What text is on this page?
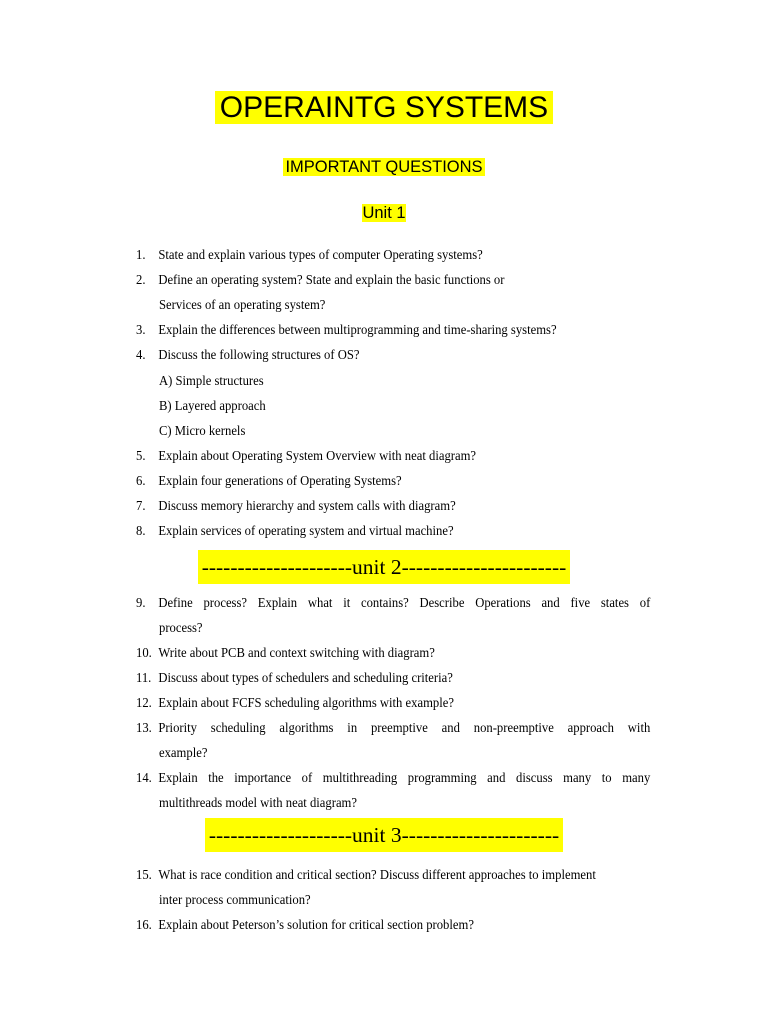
OPERAINTG SYSTEMS
IMPORTANT QUESTIONS
Unit 1
1. State and explain various types of computer Operating systems?
2. Define an operating system? State and explain the basic functions or
Services of an operating system?
3. Explain the differences between multiprogramming and time-sharing systems?
4. Discuss the following structures of OS?
A) Simple structures
B) Layered approach
C) Micro kernels
5. Explain about Operating System Overview with neat diagram?
6. Explain four generations of Operating Systems?
7. Discuss memory hierarchy and system calls with diagram?
8. Explain services of operating system and virtual machine?
---------------------unit 2-----------------------
9. Define process? Explain what it contains? Describe Operations and five states of
process?
10. Write about PCB and context switching with diagram?
11. Discuss about types of schedulers and scheduling criteria?
12. Explain about FCFS scheduling algorithms with example?
13. Priority scheduling algorithms in preemptive and non-preemptive approach with
example?
14. Explain the importance of multithreading programming and discuss many to many
multithreads model with neat diagram?
--------------------unit 3----------------------
15. What is race condition and critical section? Discuss different approaches to implement
inter process communication?
16. Explain about Peterson’s solution for critical section problem?
